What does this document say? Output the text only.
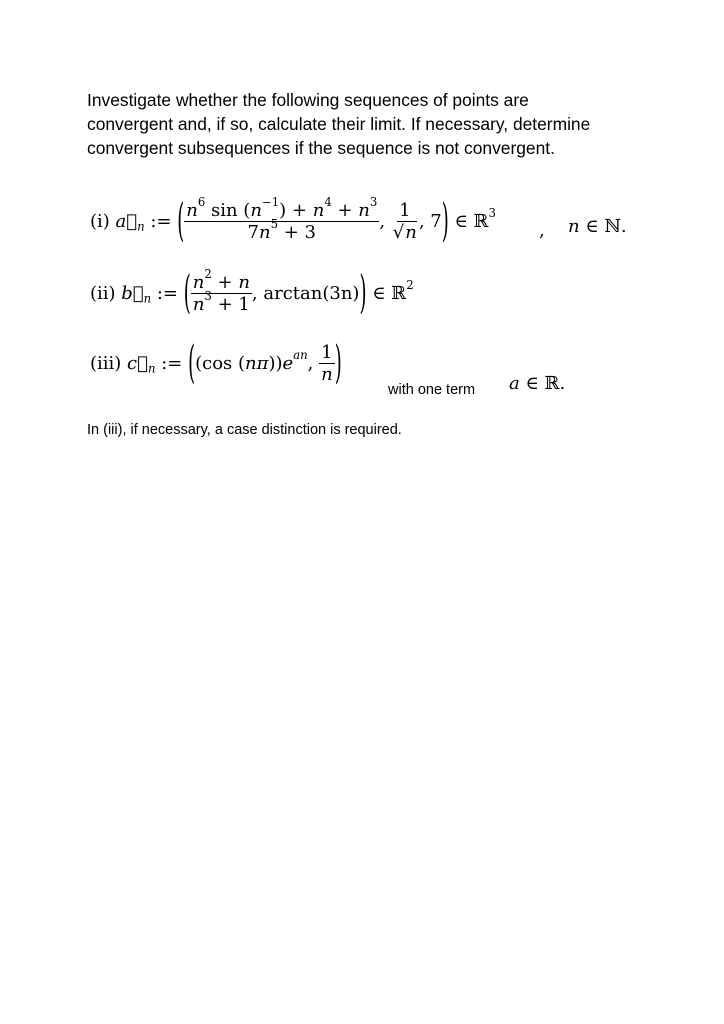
Investigate whether the following sequences of points are
convergent and, if so, calculate their limit. If necessary, determine
convergent subsequences if the sequence is not convergent.
(i) $a⃗_n$ := ( $\frac{n^6 \sin (n^{-1}) + n^4 + n^3}{7n^5 + 3}$ , $\frac{1}{√n}$ , 7 ) ∈ ℝ$^3$
, n ∈ ℕ.
(ii) $b⃗_n$ := ( $\frac{n^2 + n}{n^3 + 1}$ , arctan(3n) ) ∈ ℝ$^2$
(iii) $c⃗_n$ := ( (cos $(n\pi))e^{an}$ , $\frac{1}{n}$ )
with one term a ∈ ℝ.
In (iii), if necessary, a case distinction is required.
